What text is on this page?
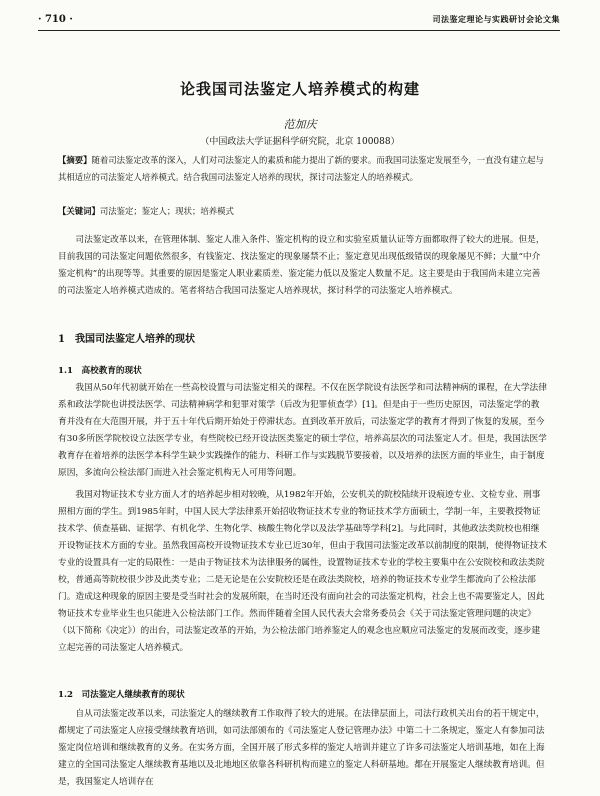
· 710 ·	司法鉴定理论与实践研讨会论文集
论我国司法鉴定人培养模式的构建
范加庆
（中国政法大学证据科学研究院，北京 100088）
【摘要】随着司法鉴定改革的深入，人们对司法鉴定人的素质和能力提出了新的要求。而我国司法鉴定发展至今，一直没有建立起与其相适应的司法鉴定人培养模式。结合我国司法鉴定人培养的现状，探讨司法鉴定人的培养模式。
【关键词】司法鉴定；鉴定人；现状；培养模式

司法鉴定改革以来，在管理体制、鉴定人准入条件、鉴定机构的设立和实验室质量认证等方面都取得了较大的进展。但是，目前我国的司法鉴定问题依然很多，有钱鉴定、找法鉴定的现象屡禁不止；鉴定意见出现低级错误的现象屡见不鲜；大量“中介鉴定机构”的出现等等。其重要的原因是鉴定人职业素质差、鉴定能力低以及鉴定人数量不足。这主要是由于我国尚未建立完善的司法鉴定人培养模式造成的。笔者将结合我国司法鉴定人培养现状，探讨科学的司法鉴定人培养模式。

1　我国司法鉴定人培养的现状
1.1　高校教育的现状

我国从50年代初就开始在一些高校设置与司法鉴定相关的课程。不仅在医学院设有法医学和司法精神病的课程，在大学法律系和政法学院也讲授法医学、司法精神病学和犯罪对策学（后改为犯罪侦查学）[1]。但是由于一些历史原因，司法鉴定学的教育并没有在大范围开展，并于五十年代后期开始处于停滞状态。直到改革开放后，司法鉴定学的教育才得到了恢复的发展，至今有30多所医学院校设立法医学专业，有些院校已经开设法医类鉴定的硕士学位，培养高层次的司法鉴定人才。但是，我国法医学教育存在着培养的法医学本科学生缺少实践操作的能力、科研工作与实践脱节要接着，以及培养的法医方面的毕业生，由于制度原因，多流向公检法部门而进入社会鉴定机构无人可用等问题。

我国对物证技术专业方面人才的培养起步相对较晚，从1982年开始，公安机关的院校陆续开设痕迹专业、文检专业、刑事照相方面的学生。到1985年时，中国人民大学法律系开始招收物证技术专业的物证技术学方面硕士，学制一年，主要教授物证技术学、侦查基础、证据学、有机化学、生物化学、核酸生物化学以及法学基础等学科[2]。与此同时，其他政法类院校也相继开设物证技术方面的专业。虽然我国高校开设物证技术专业已近30年，但由于我国司法鉴定改革以前制度的限制，使得物证技术专业的设置具有一定的局限性：一是由于物证技术为法律服务的属性，设置物证技术专业的学校主要集中在公安院校和政法类院校，普通高等院校很少涉及此类专业；二是无论是在公安院校还是在政法类院校，培养的物证技术专业学生都流向了公检法部门。造成这种现象的原因主要是受当时社会的发展所限，在当时还没有面向社会的司法鉴定机构，社会上也不需要鉴定人，因此物证技术专业毕业生也只能进入公检法部门工作。然而伴随着全国人民代表大会常务委员会《关于司法鉴定管理问题的决定》（以下简称《决定》）的出台，司法鉴定改革的开始，为公检法部门培养鉴定人的观念也应顺应司法鉴定的发展而改变，逐步建立起完善的司法鉴定人培养模式。

1.2　司法鉴定人继续教育的现状

自从司法鉴定改革以来，司法鉴定人的继续教育工作取得了较大的进展。在法律层面上，司法行政机关出台的若干规定中，都规定了司法鉴定人应接受继续教育培训，如司法部颁布的《司法鉴定人登记管理办法》中第二十二条规定，鉴定人有参加司法鉴定岗位培训和继续教育的义务。在实务方面，全国开展了形式多样的鉴定人培训并建立了许多司法鉴定人培训基地，如在上海建立的全国司法鉴定人继续教育基地以及北地地区依靠各科研机构而建立的鉴定人科研基地。都在开展鉴定人继续教育培训。但是，我国鉴定人培训存在
